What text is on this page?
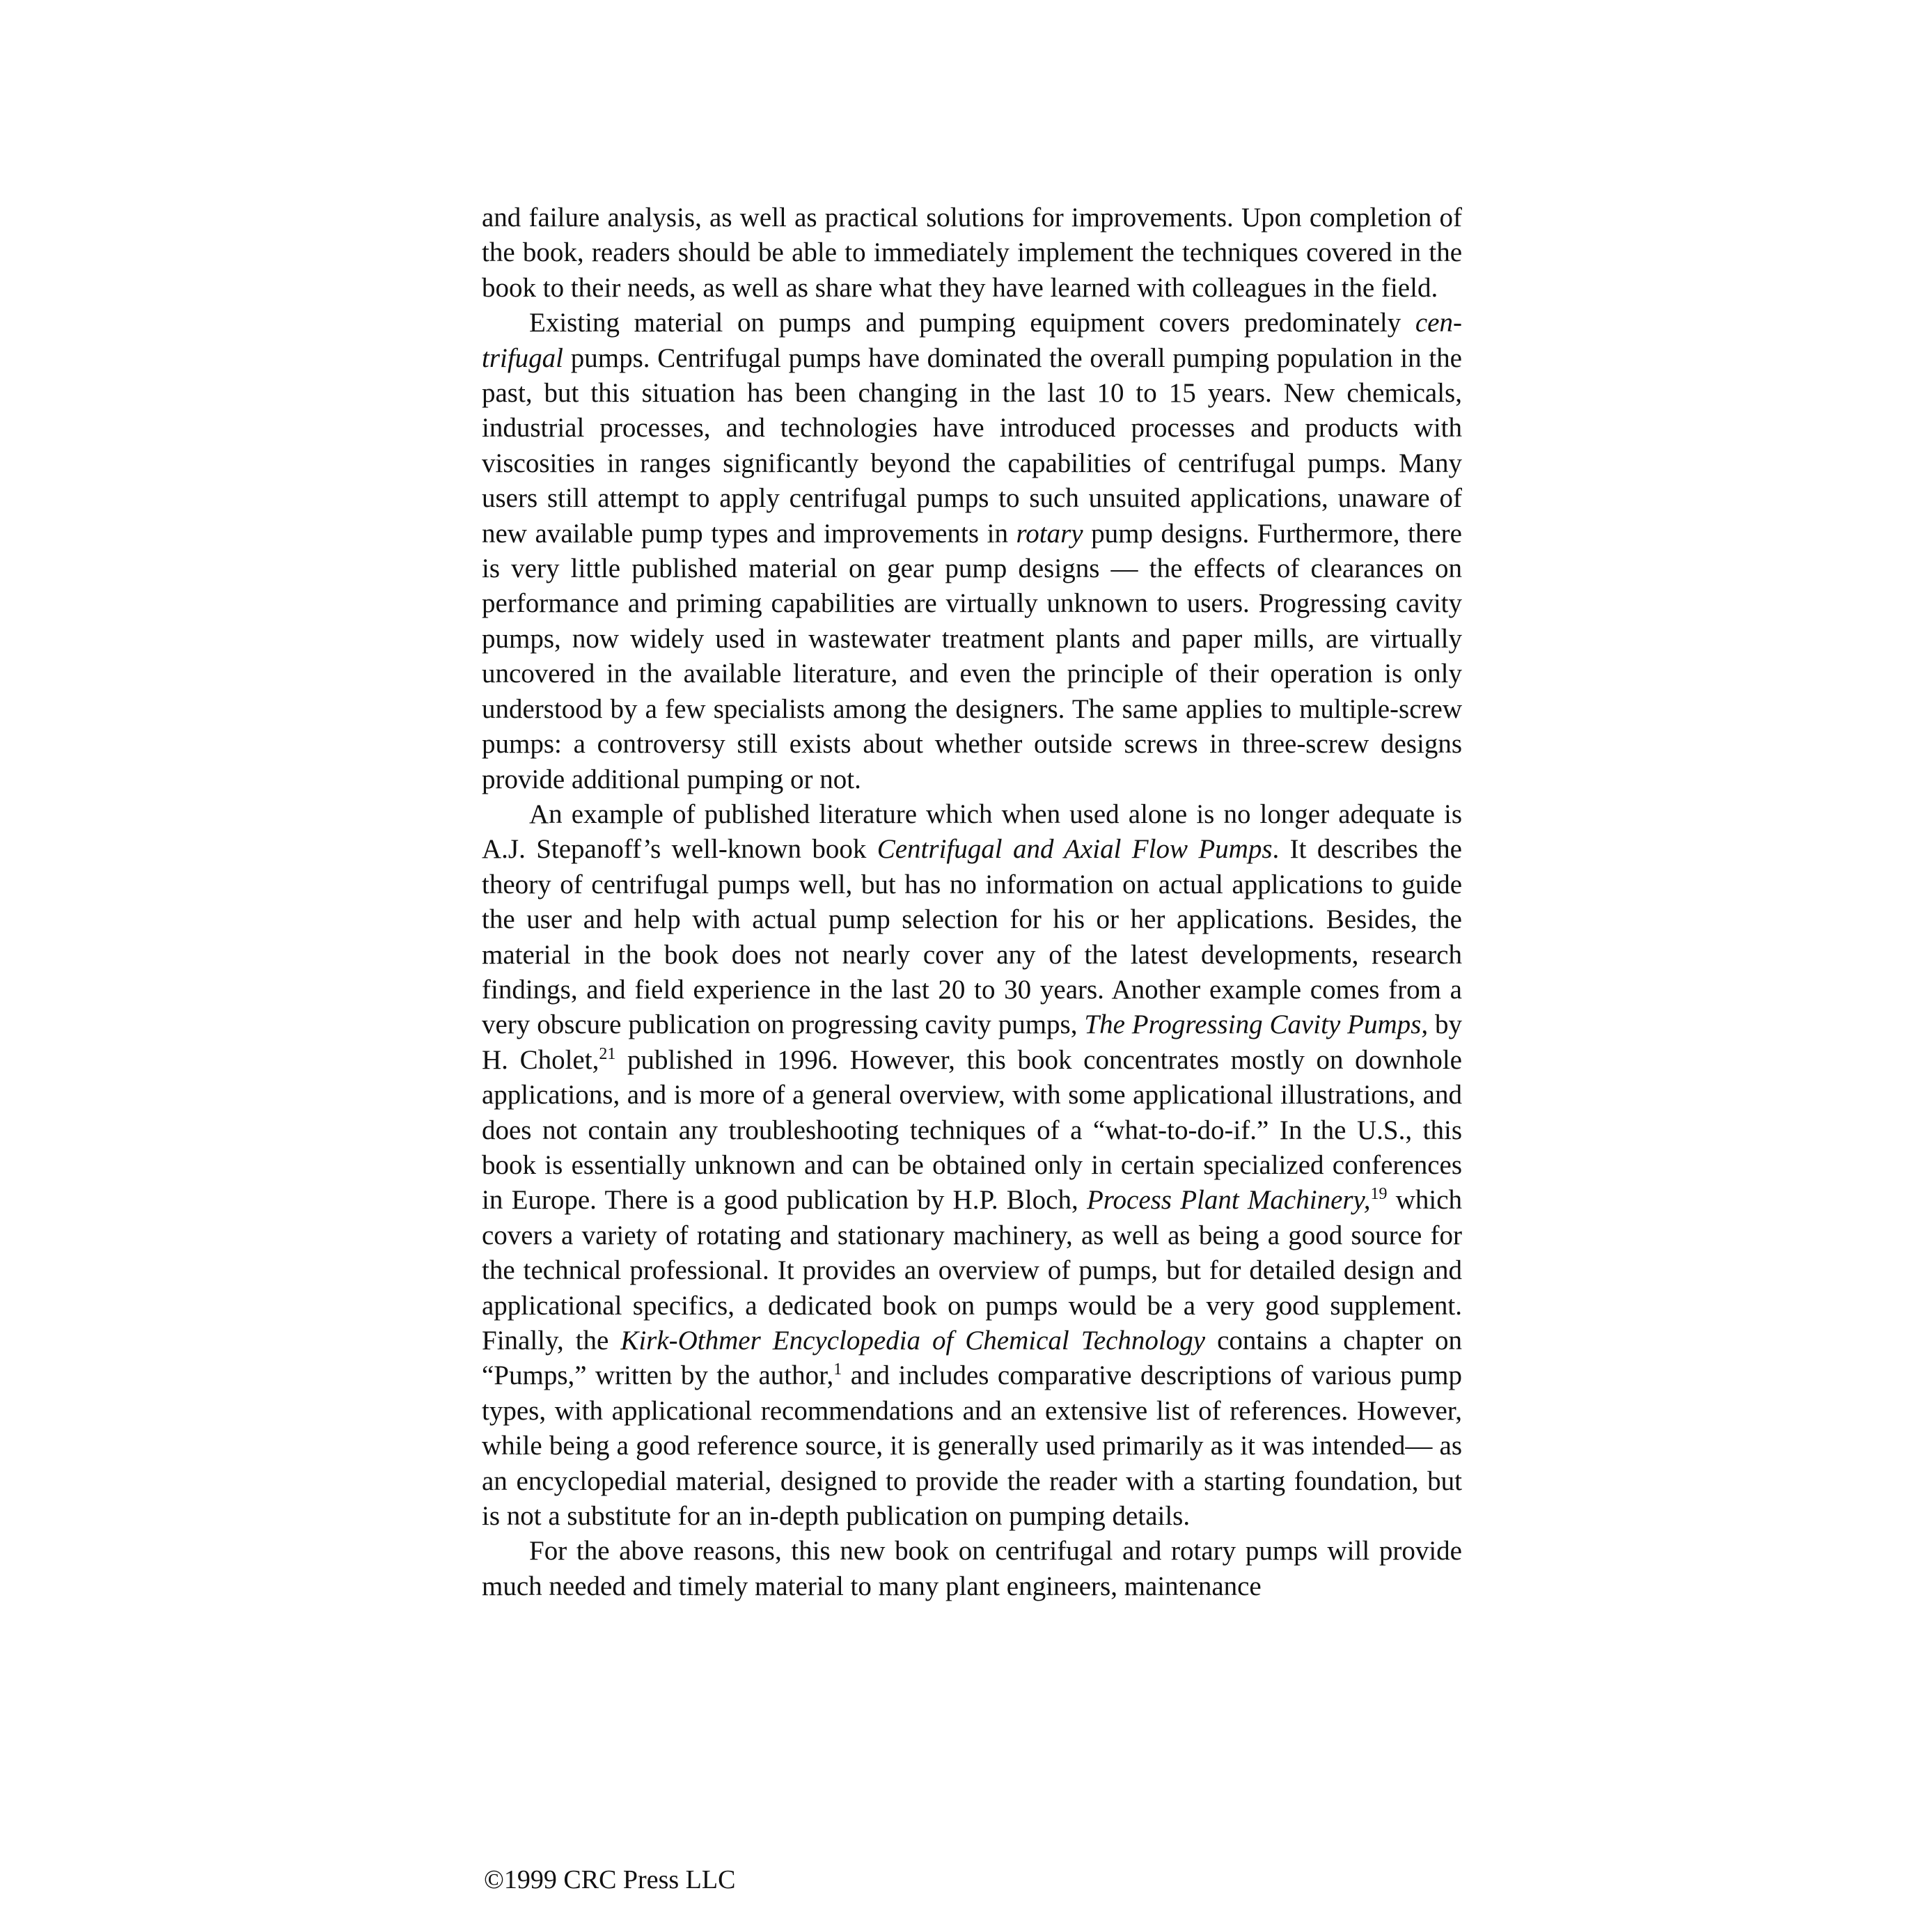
and failure analysis, as well as practical solutions for improvements. Upon completion of the book, readers should be able to immediately implement the techniques covered in the book to their needs, as well as share what they have learned with colleagues in the field.

Existing material on pumps and pumping equipment covers predominately centrifugal pumps. Centrifugal pumps have dominated the overall pumping population in the past, but this situation has been changing in the last 10 to 15 years. New chemicals, industrial processes, and technologies have introduced processes and products with viscosities in ranges significantly beyond the capabilities of centrifugal pumps. Many users still attempt to apply centrifugal pumps to such unsuited applications, unaware of new available pump types and improvements in rotary pump designs. Furthermore, there is very little published material on gear pump designs — the effects of clearances on performance and priming capabilities are virtually unknown to users. Progressing cavity pumps, now widely used in wastewater treatment plants and paper mills, are virtually uncovered in the available literature, and even the principle of their operation is only understood by a few specialists among the designers. The same applies to multiple-screw pumps: a controversy still exists about whether outside screws in three-screw designs provide additional pumping or not.

An example of published literature which when used alone is no longer adequate is A.J. Stepanoff’s well-known book Centrifugal and Axial Flow Pumps. It describes the theory of centrifugal pumps well, but has no information on actual applications to guide the user and help with actual pump selection for his or her applications. Besides, the material in the book does not nearly cover any of the latest developments, research findings, and field experience in the last 20 to 30 years. Another example comes from a very obscure publication on progressing cavity pumps, The Progressing Cavity Pumps, by H. Cholet,$^{21}$ published in 1996. However, this book concentrates mostly on downhole applications, and is more of a general overview, with some applicational illustrations, and does not contain any troubleshooting techniques of a “what-to-do-if.” In the U.S., this book is essentially unknown and can be obtained only in certain specialized conferences in Europe. There is a good publication by H.P. Bloch, Process Plant Machinery,$^{19}$ which covers a variety of rotating and stationary machinery, as well as being a good source for the technical professional. It provides an overview of pumps, but for detailed design and applicational specifics, a dedicated book on pumps would be a very good supplement. Finally, the Kirk-Othmer Encyclopedia of Chemical Technology contains a chapter on “Pumps,” written by the author,$^1$ and includes comparative descriptions of various pump types, with applicational recommendations and an extensive list of references. However, while being a good reference source, it is generally used primarily as it was intended— as an encyclopedial material, designed to provide the reader with a starting foundation, but is not a substitute for an in-depth publication on pumping details.

For the above reasons, this new book on centrifugal and rotary pumps will provide much needed and timely material to many plant engineers, maintenance

©1999 CRC Press LLC
